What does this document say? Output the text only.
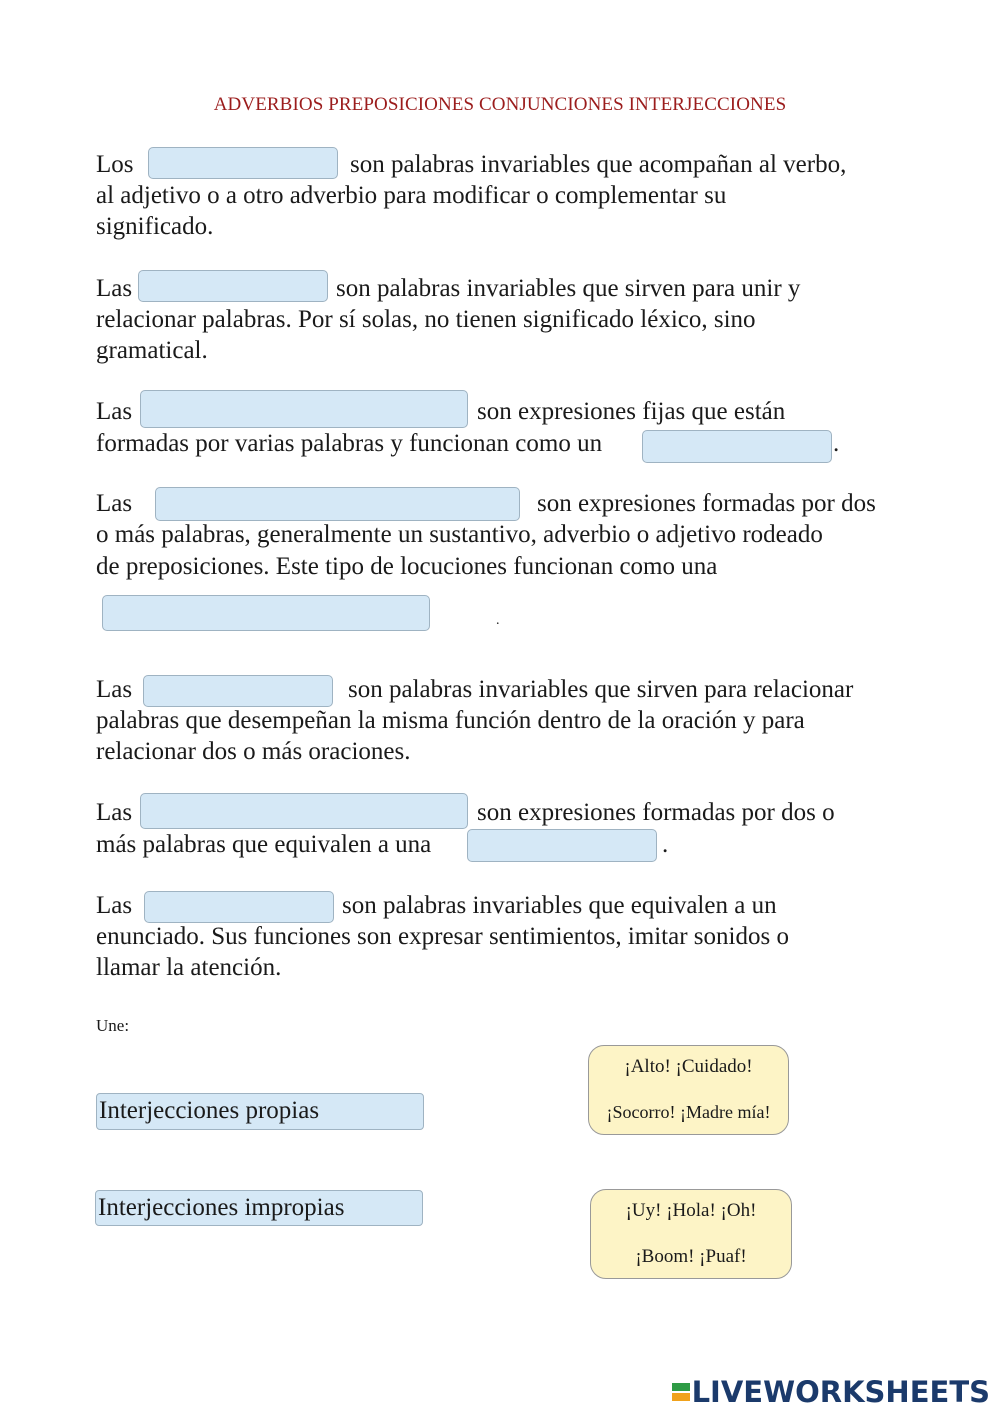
ADVERBIOS PREPOSICIONES CONJUNCIONES INTERJECCIONES
Los	son palabras invariables que acompañan al verbo,
al adjetivo o a otro adverbio para modificar o complementar su
significado.
Las	son palabras invariables que sirven para unir y
relacionar palabras. Por sí solas, no tienen significado léxico, sino
gramatical.
Las	son expresiones fijas que están
formadas por varias palabras y funcionan como un	.
Las	son expresiones formadas por dos
o más palabras, generalmente un sustantivo, adverbio o adjetivo rodeado
de preposiciones. Este tipo de locuciones funcionan como una
.
Las	son palabras invariables que sirven para relacionar
palabras que desempeñan la misma función dentro de la oración y para
relacionar dos o más oraciones.
Las	son expresiones formadas por dos o
más palabras que equivalen a una	.
Las	son palabras invariables que equivalen a un
enunciado. Sus funciones son expresar sentimientos, imitar sonidos o
llamar la atención.
Une:
Interjecciones propias
Interjecciones impropias
¡Alto! ¡Cuidado!
¡Socorro! ¡Madre mía!
¡Uy! ¡Hola! ¡Oh!
¡Boom! ¡Puaf!
LIVEWORKSHEETS
